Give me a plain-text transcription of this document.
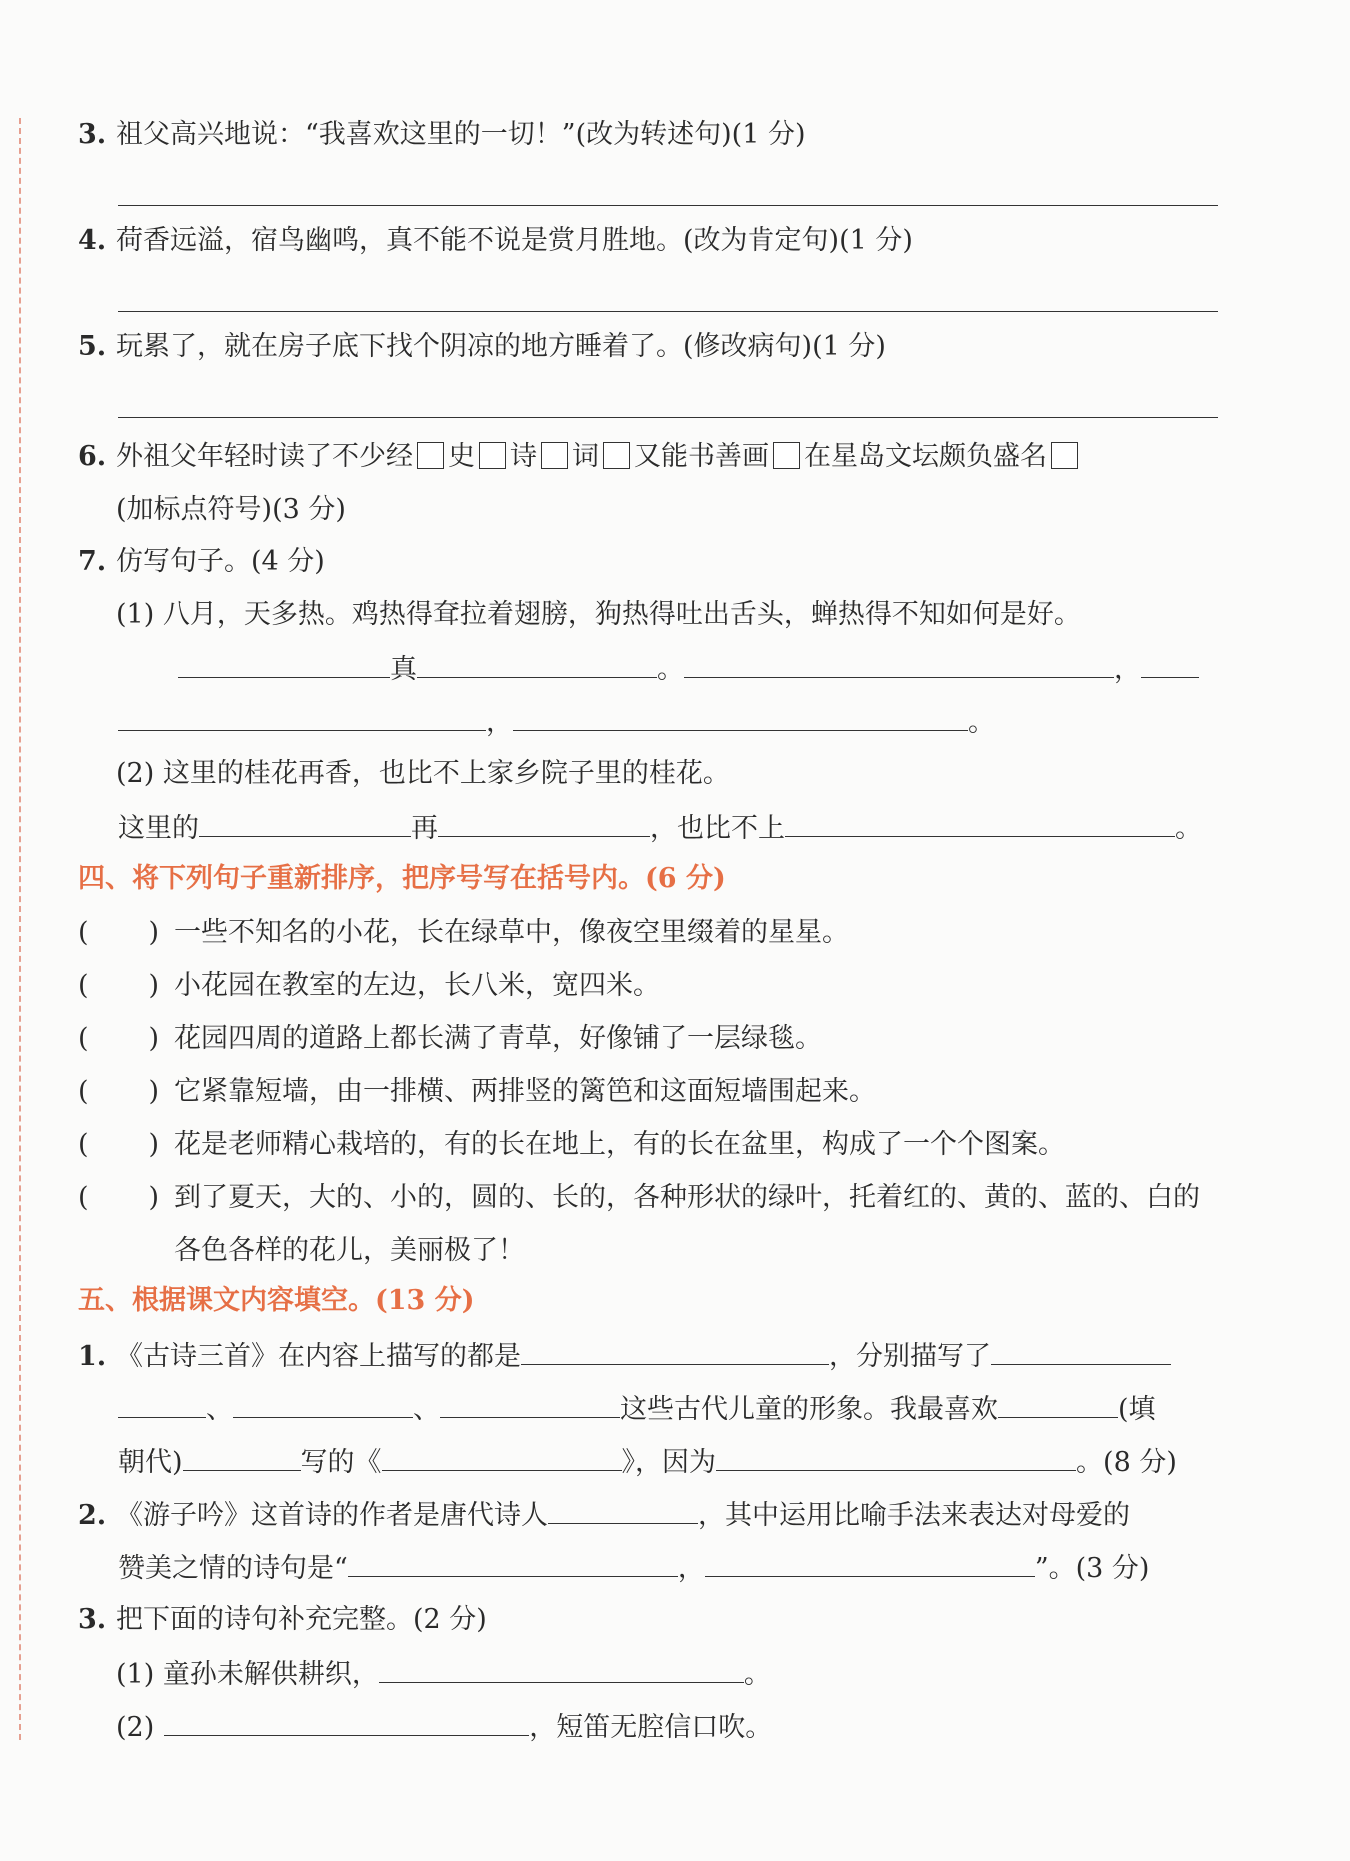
3. 祖父高兴地说：“我喜欢这里的一切！”(改为转述句)(1 分)
4. 荷香远溢，宿鸟幽鸣，真不能不说是赏月胜地。(改为肯定句)(1 分)
5. 玩累了，就在房子底下找个阴凉的地方睡着了。(修改病句)(1 分)
6. 外祖父年轻时读了不少经 史 诗 词 又能书善画 在星岛文坛颇负盛名
(加标点符号)(3 分)
7. 仿写句子。(4 分)
(1) 八月，天多热。鸡热得耷拉着翅膀，狗热得吐出舌头，蝉热得不知如何是好。
真	。	，
，	。
(2) 这里的桂花再香，也比不上家乡院子里的桂花。
这里的	再	，也比不上	。
四、将下列句子重新排序，把序号写在括号内。(6 分)
( ) 一些不知名的小花，长在绿草中，像夜空里缀着的星星。
( ) 小花园在教室的左边，长八米，宽四米。
( ) 花园四周的道路上都长满了青草，好像铺了一层绿毯。
( ) 它紧靠短墙，由一排横、两排竖的篱笆和这面短墙围起来。
( ) 花是老师精心栽培的，有的长在地上，有的长在盆里，构成了一个个图案。
( ) 到了夏天，大的、小的，圆的、长的，各种形状的绿叶，托着红的、黄的、蓝的、白的
各色各样的花儿，美丽极了！
五、根据课文内容填空。(13 分)
1. 《古诗三首》在内容上描写的都是	，分别描写了
、	、	这些古代儿童的形象。我最喜欢	(填
朝代)	写的《	》，因为	。(8 分)
2. 《游子吟》这首诗的作者是唐代诗人	，其中运用比喻手法来表达对母爱的
赞美之情的诗句是“	，	”。(3 分)
3. 把下面的诗句补充完整。(2 分)
(1) 童孙未解供耕织，	。
(2)	，短笛无腔信口吹。
